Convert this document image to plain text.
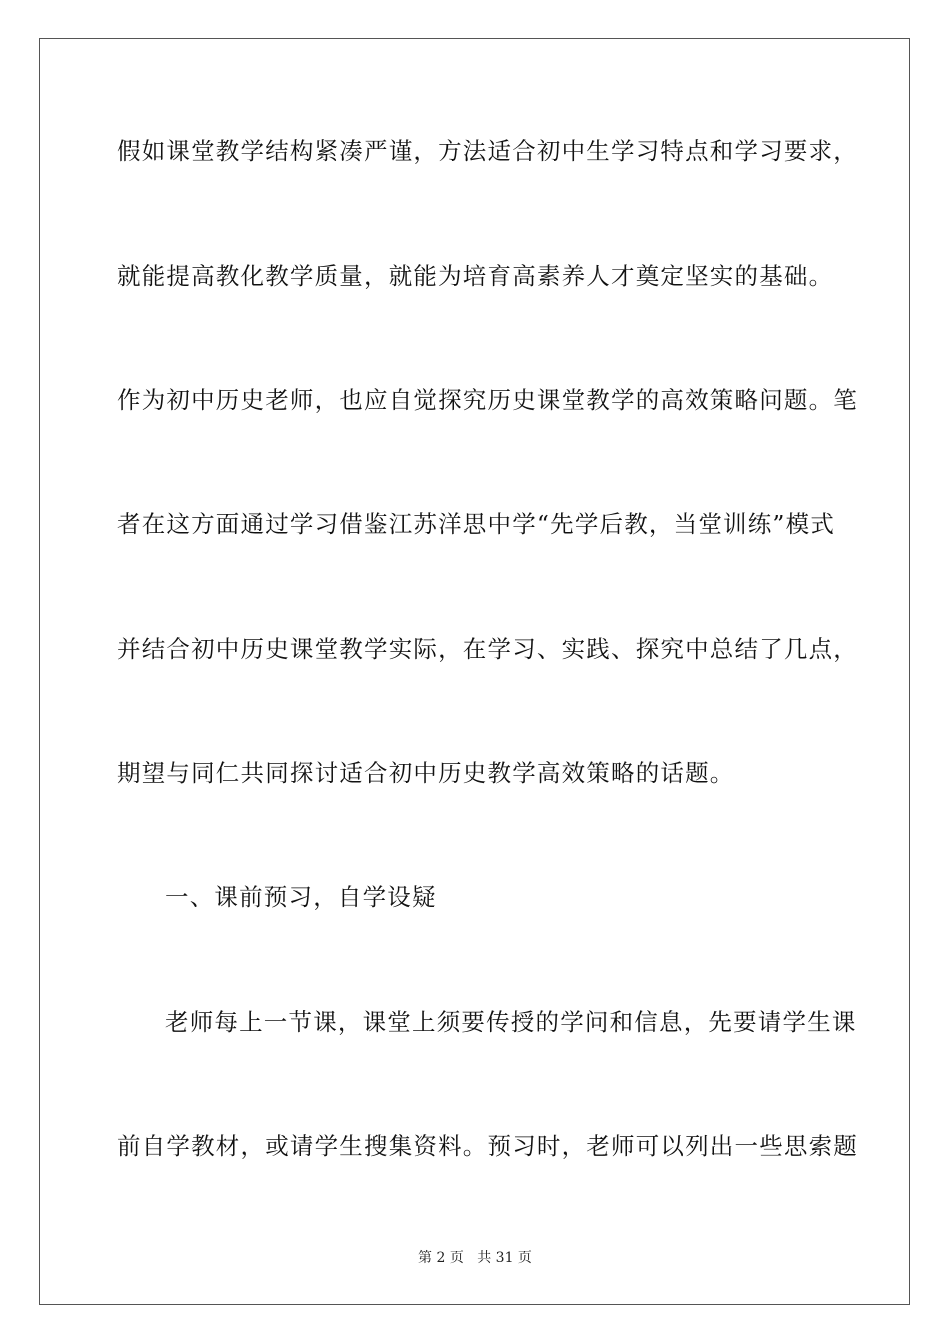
假如课堂教学结构紧凑严谨，方法适合初中生学习特点和学习要求，
就能提高教化教学质量，就能为培育高素养人才奠定坚实的基础。
作为初中历史老师，也应自觉探究历史课堂教学的高效策略问题。笔
者在这方面通过学习借鉴江苏洋思中学“先学后教，当堂训练”模式
并结合初中历史课堂教学实际，在学习、实践、探究中总结了几点，
期望与同仁共同探讨适合初中历史教学高效策略的话题。
一、课前预习，自学设疑
老师每上一节课，课堂上须要传授的学问和信息，先要请学生课
前自学教材，或请学生搜集资料。预习时，老师可以列出一些思索题
第 2 页 共 31 页
